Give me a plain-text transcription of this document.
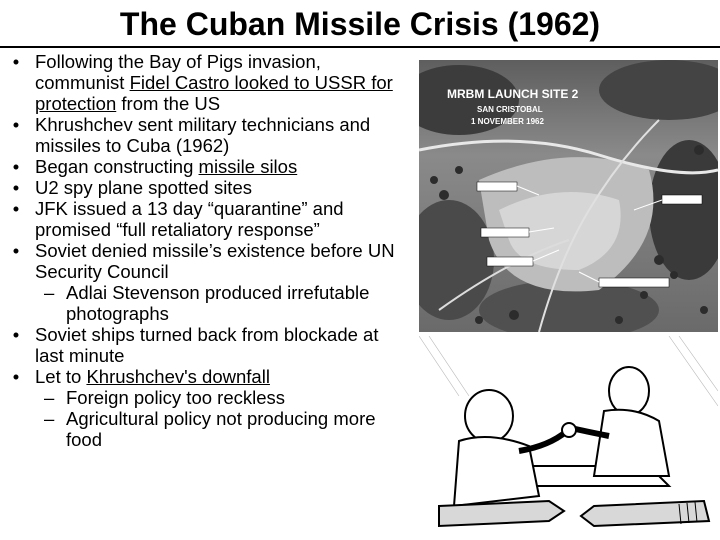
The Cuban Missile Crisis (1962)
• Following the Bay of Pigs invasion, communist Fidel Castro looked to USSR for protection from the US
• Khrushchev sent military technicians and missiles to Cuba (1962)
• Began constructing missile silos
• U2 spy plane spotted sites
• JFK issued a 13 day “quarantine” and promised “full retaliatory response”
• Soviet denied missile’s existence before UN Security Council
– Adlai Stevenson produced irrefutable photographs
• Soviet ships turned back from blockade at last minute
• Let to Khrushchev's downfall
– Foreign policy too reckless
– Agricultural policy not producing more food
MRBM LAUNCH SITE 2
SAN CRISTOBAL
1 NOVEMBER 1962
